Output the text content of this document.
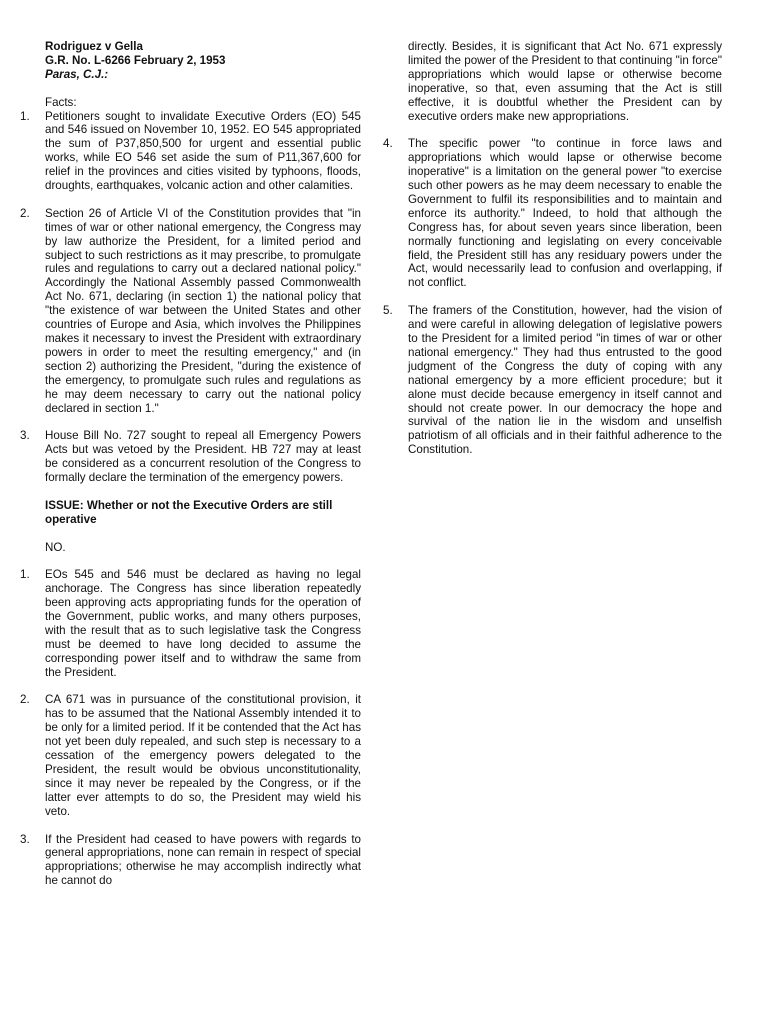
Rodriguez v Gella
G.R. No. L-6266 February 2, 1953
Paras, C.J.:
Facts:
1. Petitioners sought to invalidate Executive Orders (EO) 545 and 546 issued on November 10, 1952. EO 545 appropriated the sum of P37,850,500 for urgent and essential public works, while EO 546 set aside the sum of P11,367,600 for relief in the provinces and cities visited by typhoons, floods, droughts, earthquakes, volcanic action and other calamities.
2. Section 26 of Article VI of the Constitution provides that "in times of war or other national emergency, the Congress may by law authorize the President, for a limited period and subject to such restrictions as it may prescribe, to promulgate rules and regulations to carry out a declared national policy." Accordingly the National Assembly passed Commonwealth Act No. 671, declaring (in section 1) the national policy that "the existence of war between the United States and other countries of Europe and Asia, which involves the Philippines makes it necessary to invest the President with extraordinary powers in order to meet the resulting emergency," and (in section 2) authorizing the President, "during the existence of the emergency, to promulgate such rules and regulations as he may deem necessary to carry out the national policy declared in section 1."
3. House Bill No. 727 sought to repeal all Emergency Powers Acts but was vetoed by the President. HB 727 may at least be considered as a concurrent resolution of the Congress to formally declare the termination of the emergency powers.
ISSUE: Whether or not the Executive Orders are still operative
NO.
1. EOs 545 and 546 must be declared as having no legal anchorage. The Congress has since liberation repeatedly been approving acts appropriating funds for the operation of the Government, public works, and many others purposes, with the result that as to such legislative task the Congress must be deemed to have long decided to assume the corresponding power itself and to withdraw the same from the President.
2. CA 671 was in pursuance of the constitutional provision, it has to be assumed that the National Assembly intended it to be only for a limited period. If it be contended that the Act has not yet been duly repealed, and such step is necessary to a cessation of the emergency powers delegated to the President, the result would be obvious unconstitutionality, since it may never be repealed by the Congress, or if the latter ever attempts to do so, the President may wield his veto.
3. If the President had ceased to have powers with regards to general appropriations, none can remain in respect of special appropriations; otherwise he may accomplish indirectly what he cannot do
directly. Besides, it is significant that Act No. 671 expressly limited the power of the President to that continuing "in force" appropriations which would lapse or otherwise become inoperative, so that, even assuming that the Act is still effective, it is doubtful whether the President can by executive orders make new appropriations.
4. The specific power "to continue in force laws and appropriations which would lapse or otherwise become inoperative" is a limitation on the general power "to exercise such other powers as he may deem necessary to enable the Government to fulfil its responsibilities and to maintain and enforce its authority." Indeed, to hold that although the Congress has, for about seven years since liberation, been normally functioning and legislating on every conceivable field, the President still has any residuary powers under the Act, would necessarily lead to confusion and overlapping, if not conflict.
5. The framers of the Constitution, however, had the vision of and were careful in allowing delegation of legislative powers to the President for a limited period "in times of war or other national emergency." They had thus entrusted to the good judgment of the Congress the duty of coping with any national emergency by a more efficient procedure; but it alone must decide because emergency in itself cannot and should not create power. In our democracy the hope and survival of the nation lie in the wisdom and unselfish patriotism of all officials and in their faithful adherence to the Constitution.
